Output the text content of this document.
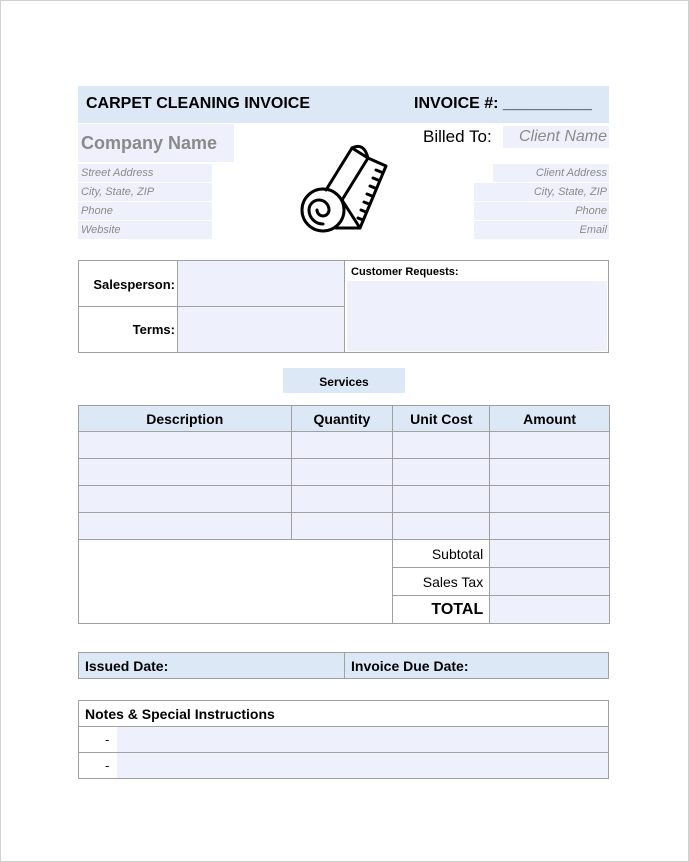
CARPET CLEANING INVOICE	INVOICE #: __________
Company Name
Street Address
City, State, ZIP
Phone
Website
Billed To:	Client Name
Client Address
City, State, ZIP
Phone
Email
Salesperson:
Terms:
Customer Requests:
Services
Description	Quantity	Unit Cost	Amount

		Subtotal	
		Sales Tax	
		TOTAL	
Issued Date:	Invoice Due Date:
Notes & Special Instructions
-
-
